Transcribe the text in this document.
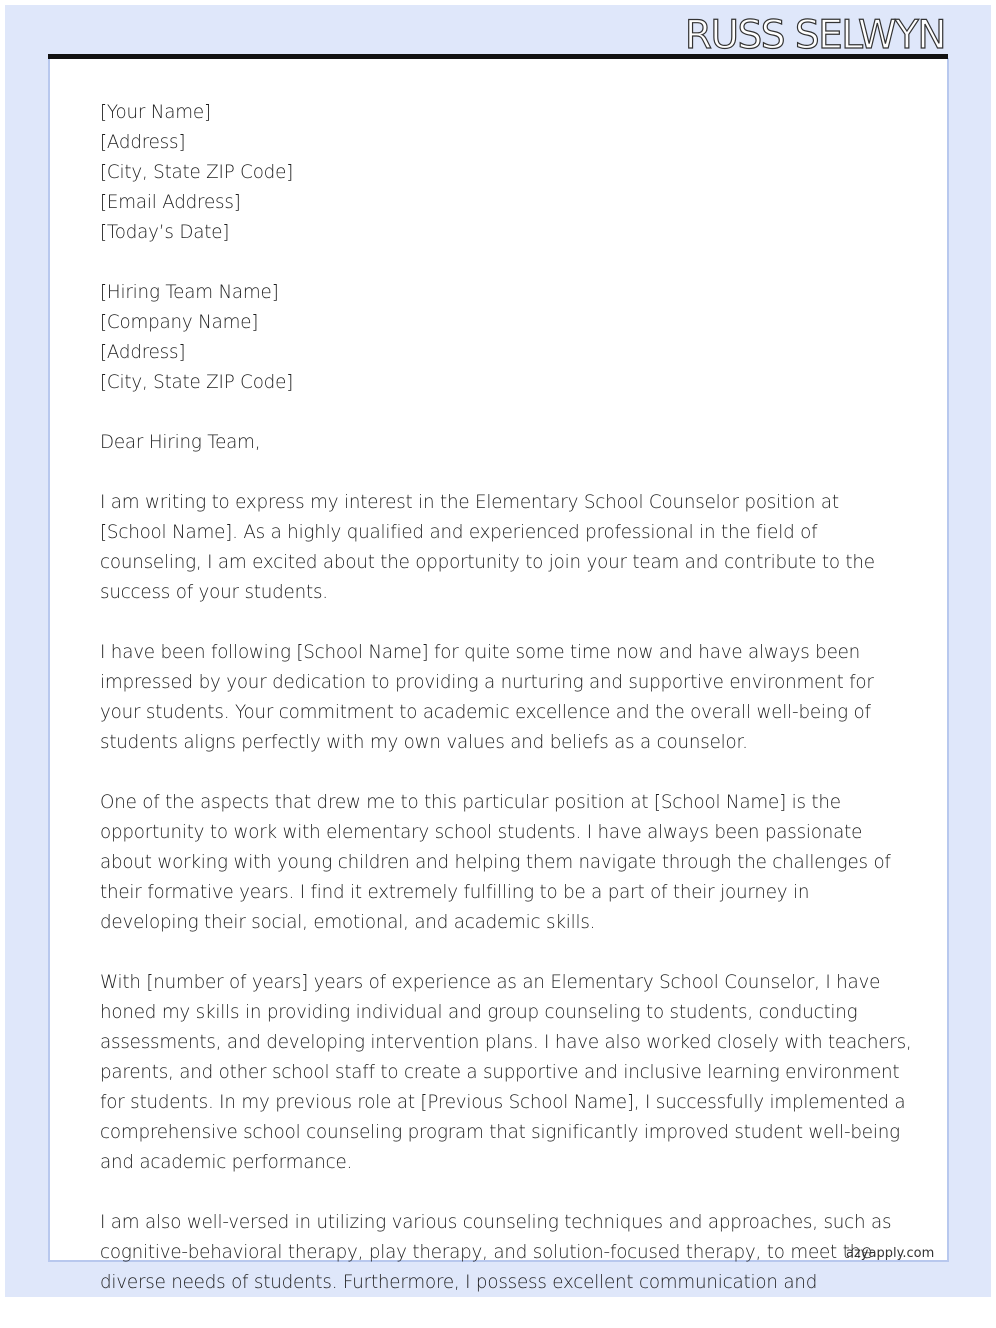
RUSS SELWYN
[Your Name]
[Address]
[City, State ZIP Code]
[Email Address]
[Today’s Date]
[Hiring Team Name]
[Company Name]
[Address]
[City, State ZIP Code]
Dear Hiring Team,

I am writing to express my interest in the Elementary School Counselor position at
[School Name]. As a highly qualified and experienced professional in the field of
counseling, I am excited about the opportunity to join your team and contribute to the
success of your students.

I have been following [School Name] for quite some time now and have always been
impressed by your dedication to providing a nurturing and supportive environment for
your students. Your commitment to academic excellence and the overall well-being of
students aligns perfectly with my own values and beliefs as a counselor.

One of the aspects that drew me to this particular position at [School Name] is the
opportunity to work with elementary school students. I have always been passionate
about working with young children and helping them navigate through the challenges of
their formative years. I find it extremely fulfilling to be a part of their journey in
developing their social, emotional, and academic skills.

With [number of years] years of experience as an Elementary School Counselor, I have
honed my skills in providing individual and group counseling to students, conducting
assessments, and developing intervention plans. I have also worked closely with teachers,
parents, and other school staff to create a supportive and inclusive learning environment
for students. In my previous role at [Previous School Name], I successfully implemented a
comprehensive school counseling program that significantly improved student well-being
and academic performance.

I am also well-versed in utilizing various counseling techniques and approaches, such as
cognitive-behavioral therapy, play therapy, and solution-focused therapy, to meet the
diverse needs of students. Furthermore, I possess excellent communication and

azyapply.com
